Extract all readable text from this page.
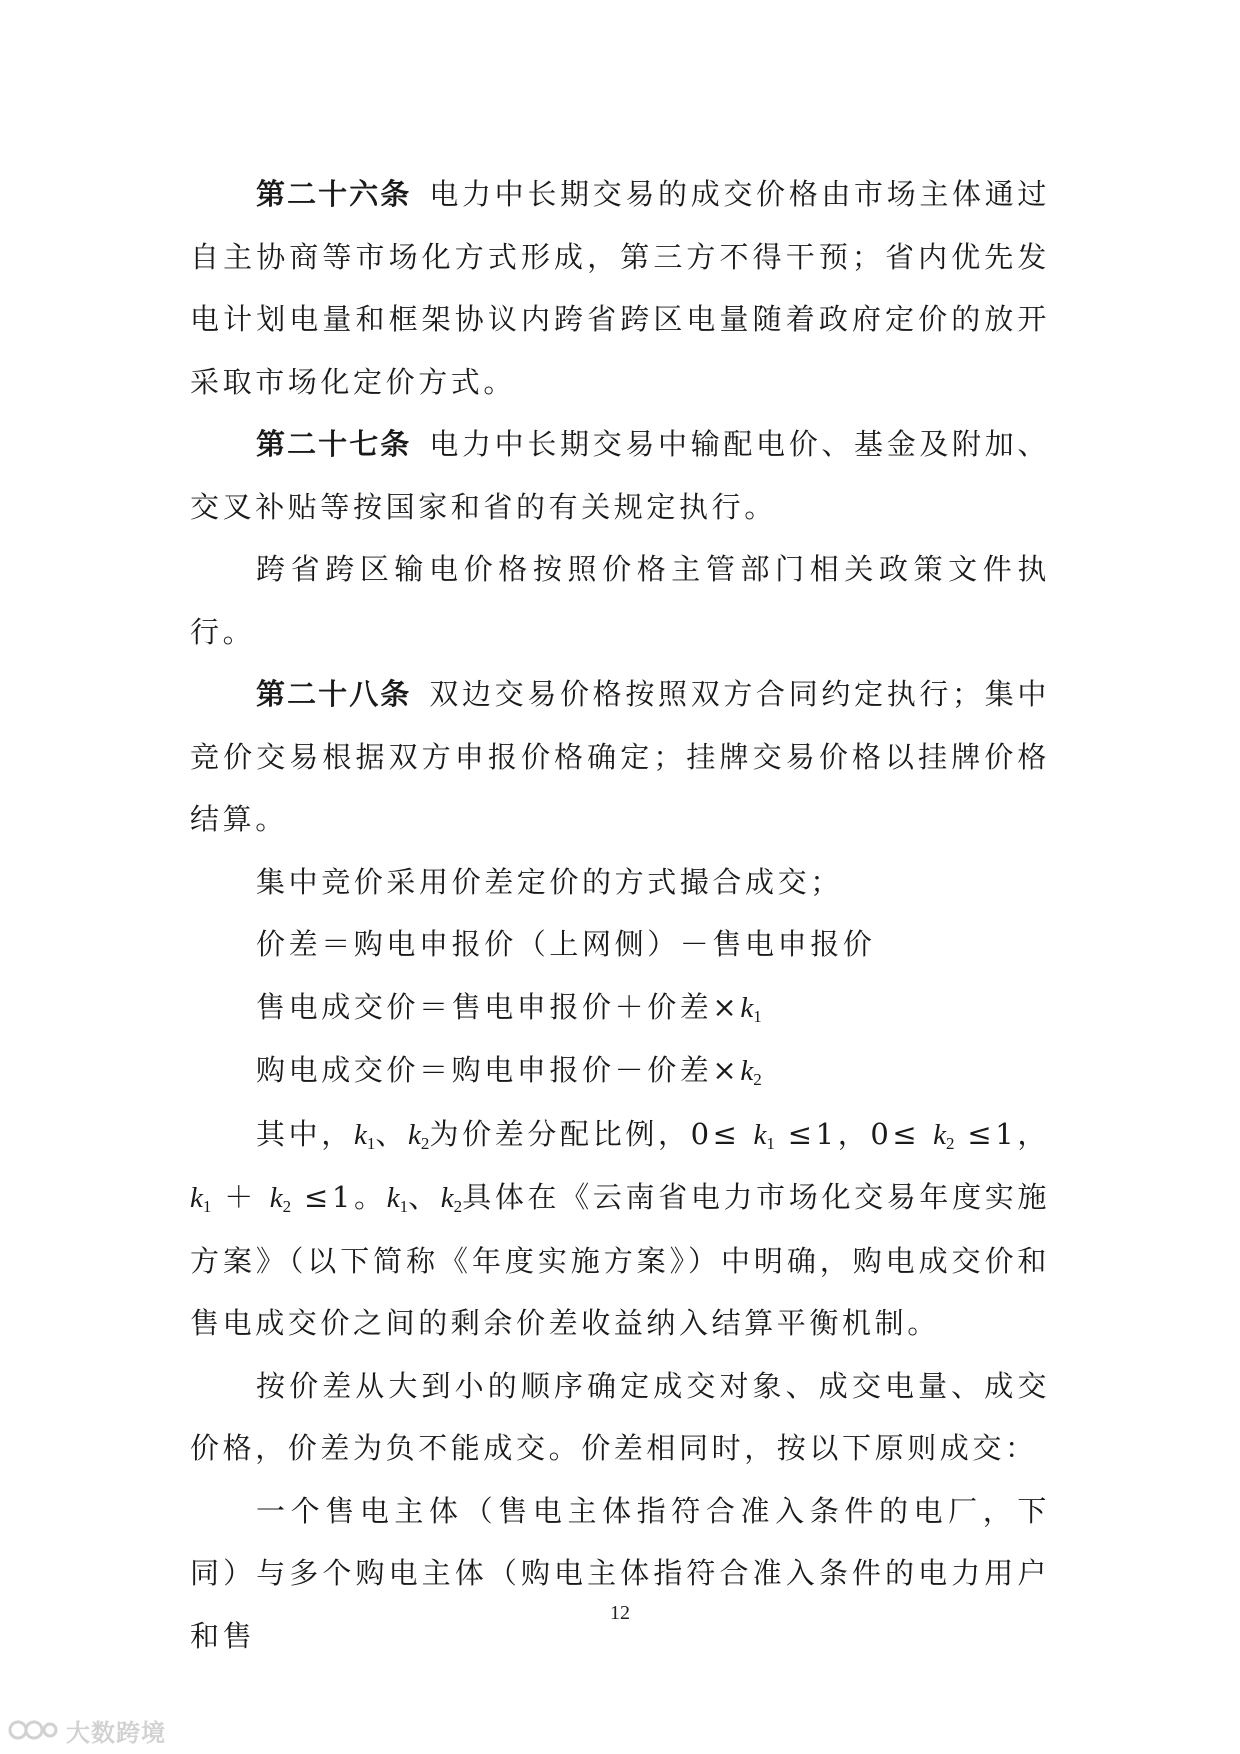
第二十六条 电力中长期交易的成交价格由市场主体通过自主协商等市场化方式形成，第三方不得干预；省内优先发电计划电量和框架协议内跨省跨区电量随着政府定价的放开采取市场化定价方式。

第二十七条 电力中长期交易中输配电价、基金及附加、交叉补贴等按国家和省的有关规定执行。

跨省跨区输电价格按照价格主管部门相关政策文件执行。

第二十八条 双边交易价格按照双方合同约定执行；集中竞价交易根据双方申报价格确定；挂牌交易价格以挂牌价格结算。

集中竞价采用价差定价的方式撮合成交；

价差＝购电申报价（上网侧）－售电申报价

售电成交价＝售电申报价＋价差$\times k_1$

购电成交价＝购电申报价－价差$\times k_2$

其中，$k_1$、$k_2$为价差分配比例，$0\le k_1 \le 1$，$0\le k_2 \le 1$，$k_1 + k_2 \le 1$。$k_1$、$k_2$具体在《云南省电力市场化交易年度实施方案》（以下简称《年度实施方案》）中明确，购电成交价和售电成交价之间的剩余价差收益纳入结算平衡机制。

按价差从大到小的顺序确定成交对象、成交电量、成交价格，价差为负不能成交。价差相同时，按以下原则成交：

一个售电主体（售电主体指符合准入条件的电厂，下同）与多个购电主体（购电主体指符合准入条件的电力用户和售

12
大数跨境
